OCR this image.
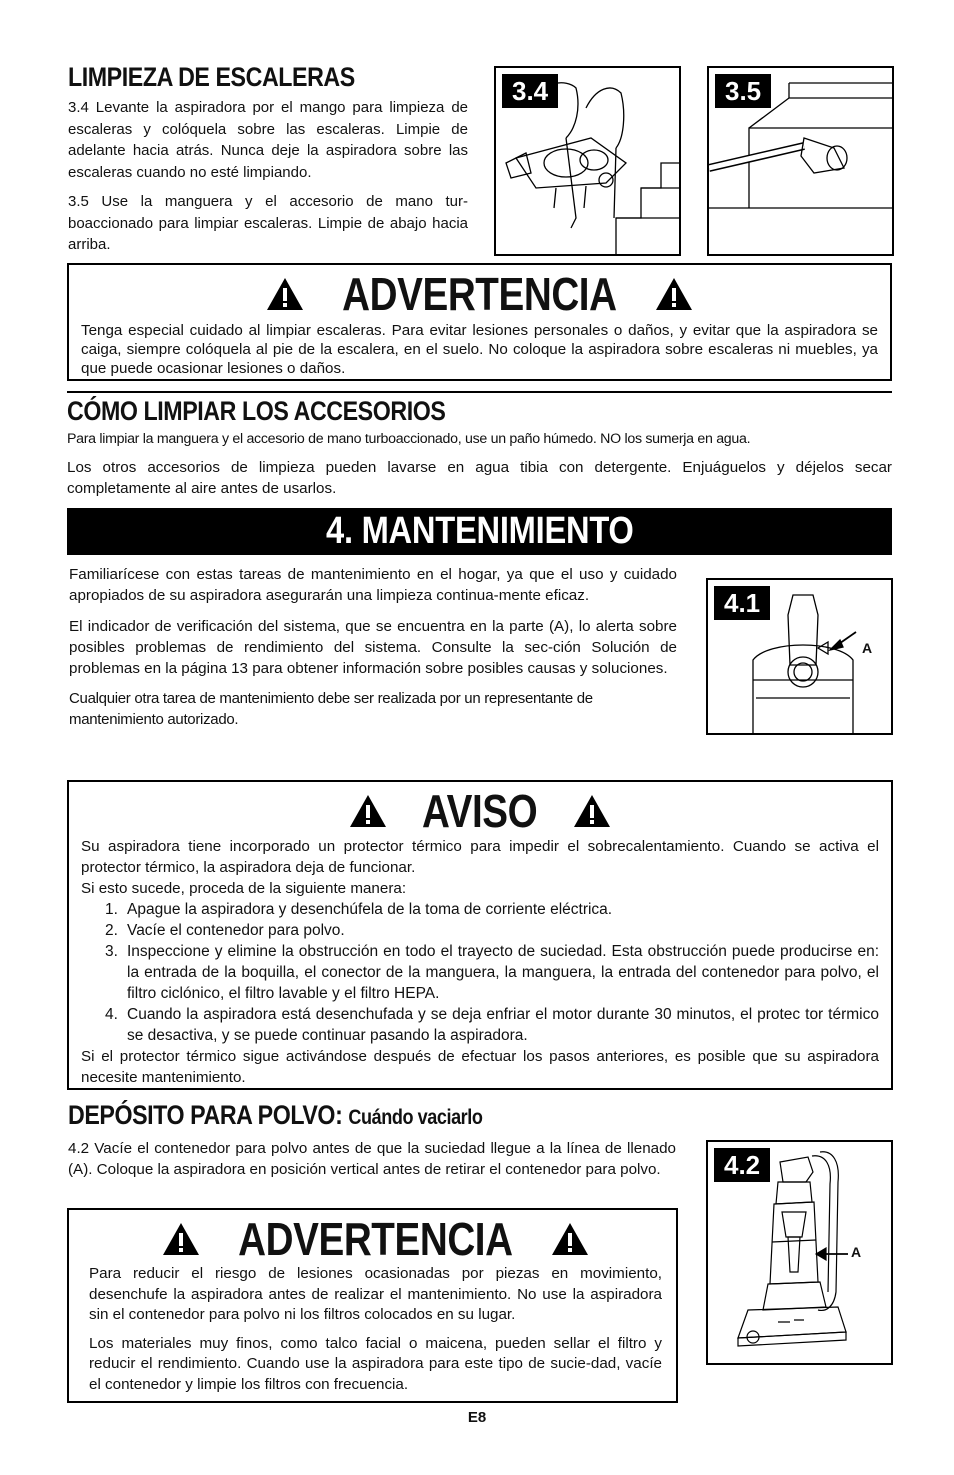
LIMPIEZA DE ESCALERAS

3.4 Levante la aspiradora por el mango para limpieza de escaleras y colóquela sobre las escaleras. Limpie de adelante hacia atrás. Nunca deje la aspiradora sobre las escaleras cuando no esté limpiando.

3.5 Use la manguera y el accesorio de mano tur-boaccionado para limpiar escaleras. Limpie de abajo hacia arriba.

3.4	3.5
ADVERTENCIA

Tenga especial cuidado al limpiar escaleras. Para evitar lesiones personales o daños, y evitar que la aspiradora se caiga, siempre colóquela al pie de la escalera, en el suelo. No coloque la aspiradora sobre escaleras ni muebles, ya que puede ocasionar lesiones o daños.

CÓMO LIMPIAR LOS ACCESORIOS

Para limpiar la manguera y el accesorio de mano turboaccionado, use un paño húmedo. NO los sumerja en agua.

Los otros accesorios de limpieza pueden lavarse en agua tibia con detergente. Enjuáguelos y déjelos secar completamente al aire antes de usarlos.

4. MANTENIMIENTO

Familiarícese con estas tareas de mantenimiento en el hogar, ya que el uso y cuidado apropiados de su aspiradora asegurarán una limpieza continua-mente eficaz.

El indicador de verificación del sistema, que se encuentra en la parte (A), lo alerta sobre posibles problemas de rendimiento del sistema. Consulte la sec-ción Solución de problemas en la página 13 para obtener información sobre posibles causas y soluciones.

Cualquier otra tarea de mantenimiento debe ser realizada por un representante de mantenimiento autorizado.

4.1
A
AVISO

Su aspiradora tiene incorporado un protector térmico para impedir el sobrecalentamiento. Cuando se activa el protector térmico, la aspiradora deja de funcionar.

Si esto sucede, proceda de la siguiente manera:

1. Apague la aspiradora y desenchúfela de la toma de corriente eléctrica.
2. Vacíe el contenedor para polvo.
3. Inspeccione y elimine la obstrucción en todo el trayecto de suciedad. Esta obstrucción puede producirse en: la entrada de la boquilla, el conector de la manguera, la manguera, la entrada del contenedor para polvo, el filtro ciclónico, el filtro lavable y el filtro HEPA.
4. Cuando la aspiradora está desenchufada y se deja enfriar el motor durante 30 minutos, el protec tor térmico se desactiva, y se puede continuar pasando la aspiradora.

Si el protector térmico sigue activándose después de efectuar los pasos anteriores, es posible que su aspiradora necesite mantenimiento.

DEPÓSITO PARA POLVO: Cuándo vaciarlo

4.2 Vacíe el contenedor para polvo antes de que la suciedad llegue a la línea de llenado (A). Coloque la aspiradora en posición vertical antes de retirar el contenedor para polvo.

ADVERTENCIA

Para reducir el riesgo de lesiones ocasionadas por piezas en movimiento, desenchufe la aspiradora antes de realizar el mantenimiento. No use la aspiradora sin el contenedor para polvo ni los filtros colocados en su lugar.

Los materiales muy finos, como talco facial o maicena, pueden sellar el filtro y reducir el rendimiento. Cuando use la aspiradora para este tipo de sucie-dad, vacíe el contenedor y limpie los filtros con frecuencia.

4.2
A
E8
